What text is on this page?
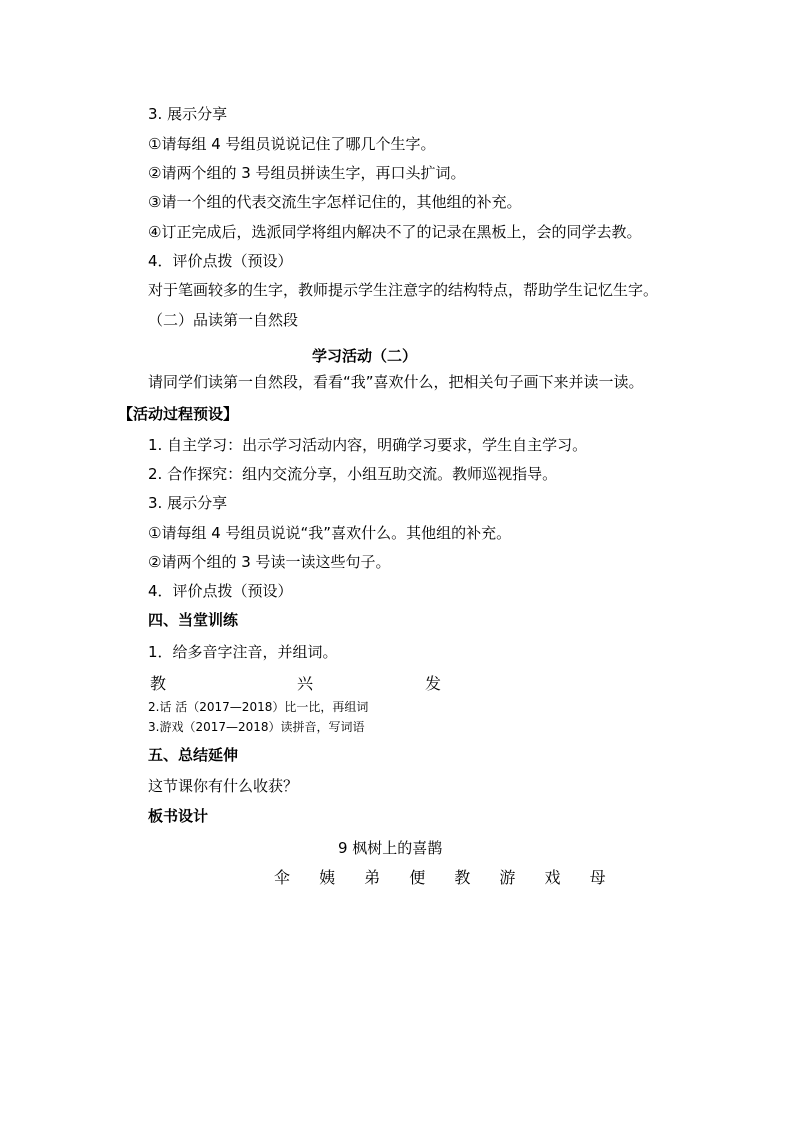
3. 展示分享
①请每组 4 号组员说说记住了哪几个生字。
②请两个组的 3 号组员拼读生字，再口头扩词。
③请一个组的代表交流生字怎样记住的，其他组的补充。
④订正完成后，选派同学将组内解决不了的记录在黑板上，会的同学去教。
4．评价点拨（预设）
对于笔画较多的生字，教师提示学生注意字的结构特点，帮助学生记忆生字。
（二）品读第一自然段
学习活动（二）
请同学们读第一自然段，看看“我”喜欢什么，把相关句子画下来并读一读。
【活动过程预设】
1. 自主学习：出示学习活动内容，明确学习要求，学生自主学习。
2. 合作探究：组内交流分享，小组互助交流。教师巡视指导。
3. 展示分享
①请每组 4 号组员说说“我”喜欢什么。其他组的补充。
②请两个组的 3 号读一读这些句子。
4．评价点拨（预设）
四、当堂训练
1．给多音字注音，并组词。
教	兴	发
2.话 活（2017—2018）比一比，再组词
3.游戏（2017—2018）读拼音，写词语
五、总结延伸
这节课你有什么收获？
板书设计
9 枫树上的喜鹊
伞 姨 弟 便 教 游 戏 母
